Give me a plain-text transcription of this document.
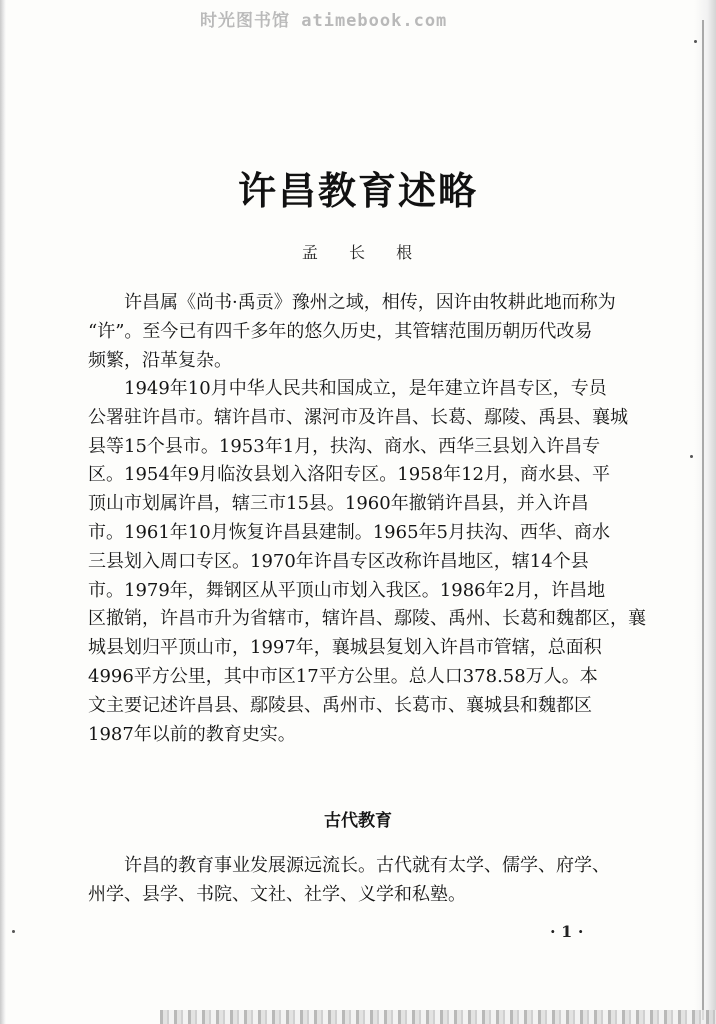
时光图书馆 atimebook.com
许昌教育述略
孟 长 根
许昌属《尚书·禹贡》豫州之域，相传，因许由牧耕此地而称为
“许”。至今已有四千多年的悠久历史，其管辖范围历朝历代改易
频繁，沿革复杂。
1949年10月中华人民共和国成立，是年建立许昌专区，专员
公署驻许昌市。辖许昌市、漯河市及许昌、长葛、鄢陵、禹县、襄城
县等15个县市。1953年1月，扶沟、商水、西华三县划入许昌专
区。1954年9月临汝县划入洛阳专区。1958年12月，商水县、平
顶山市划属许昌，辖三市15县。1960年撤销许昌县，并入许昌
市。1961年10月恢复许昌县建制。1965年5月扶沟、西华、商水
三县划入周口专区。1970年许昌专区改称许昌地区，辖14个县
市。1979年，舞钢区从平顶山市划入我区。1986年2月，许昌地
区撤销，许昌市升为省辖市，辖许昌、鄢陵、禹州、长葛和魏都区，襄
城县划归平顶山市，1997年，襄城县复划入许昌市管辖，总面积
4996平方公里，其中市区17平方公里。总人口378.58万人。本
文主要记述许昌县、鄢陵县、禹州市、长葛市、襄城县和魏都区
1987年以前的教育史实。
古代教育
许昌的教育事业发展源远流长。古代就有太学、儒学、府学、
州学、县学、书院、文社、社学、义学和私塾。
· 1 ·
